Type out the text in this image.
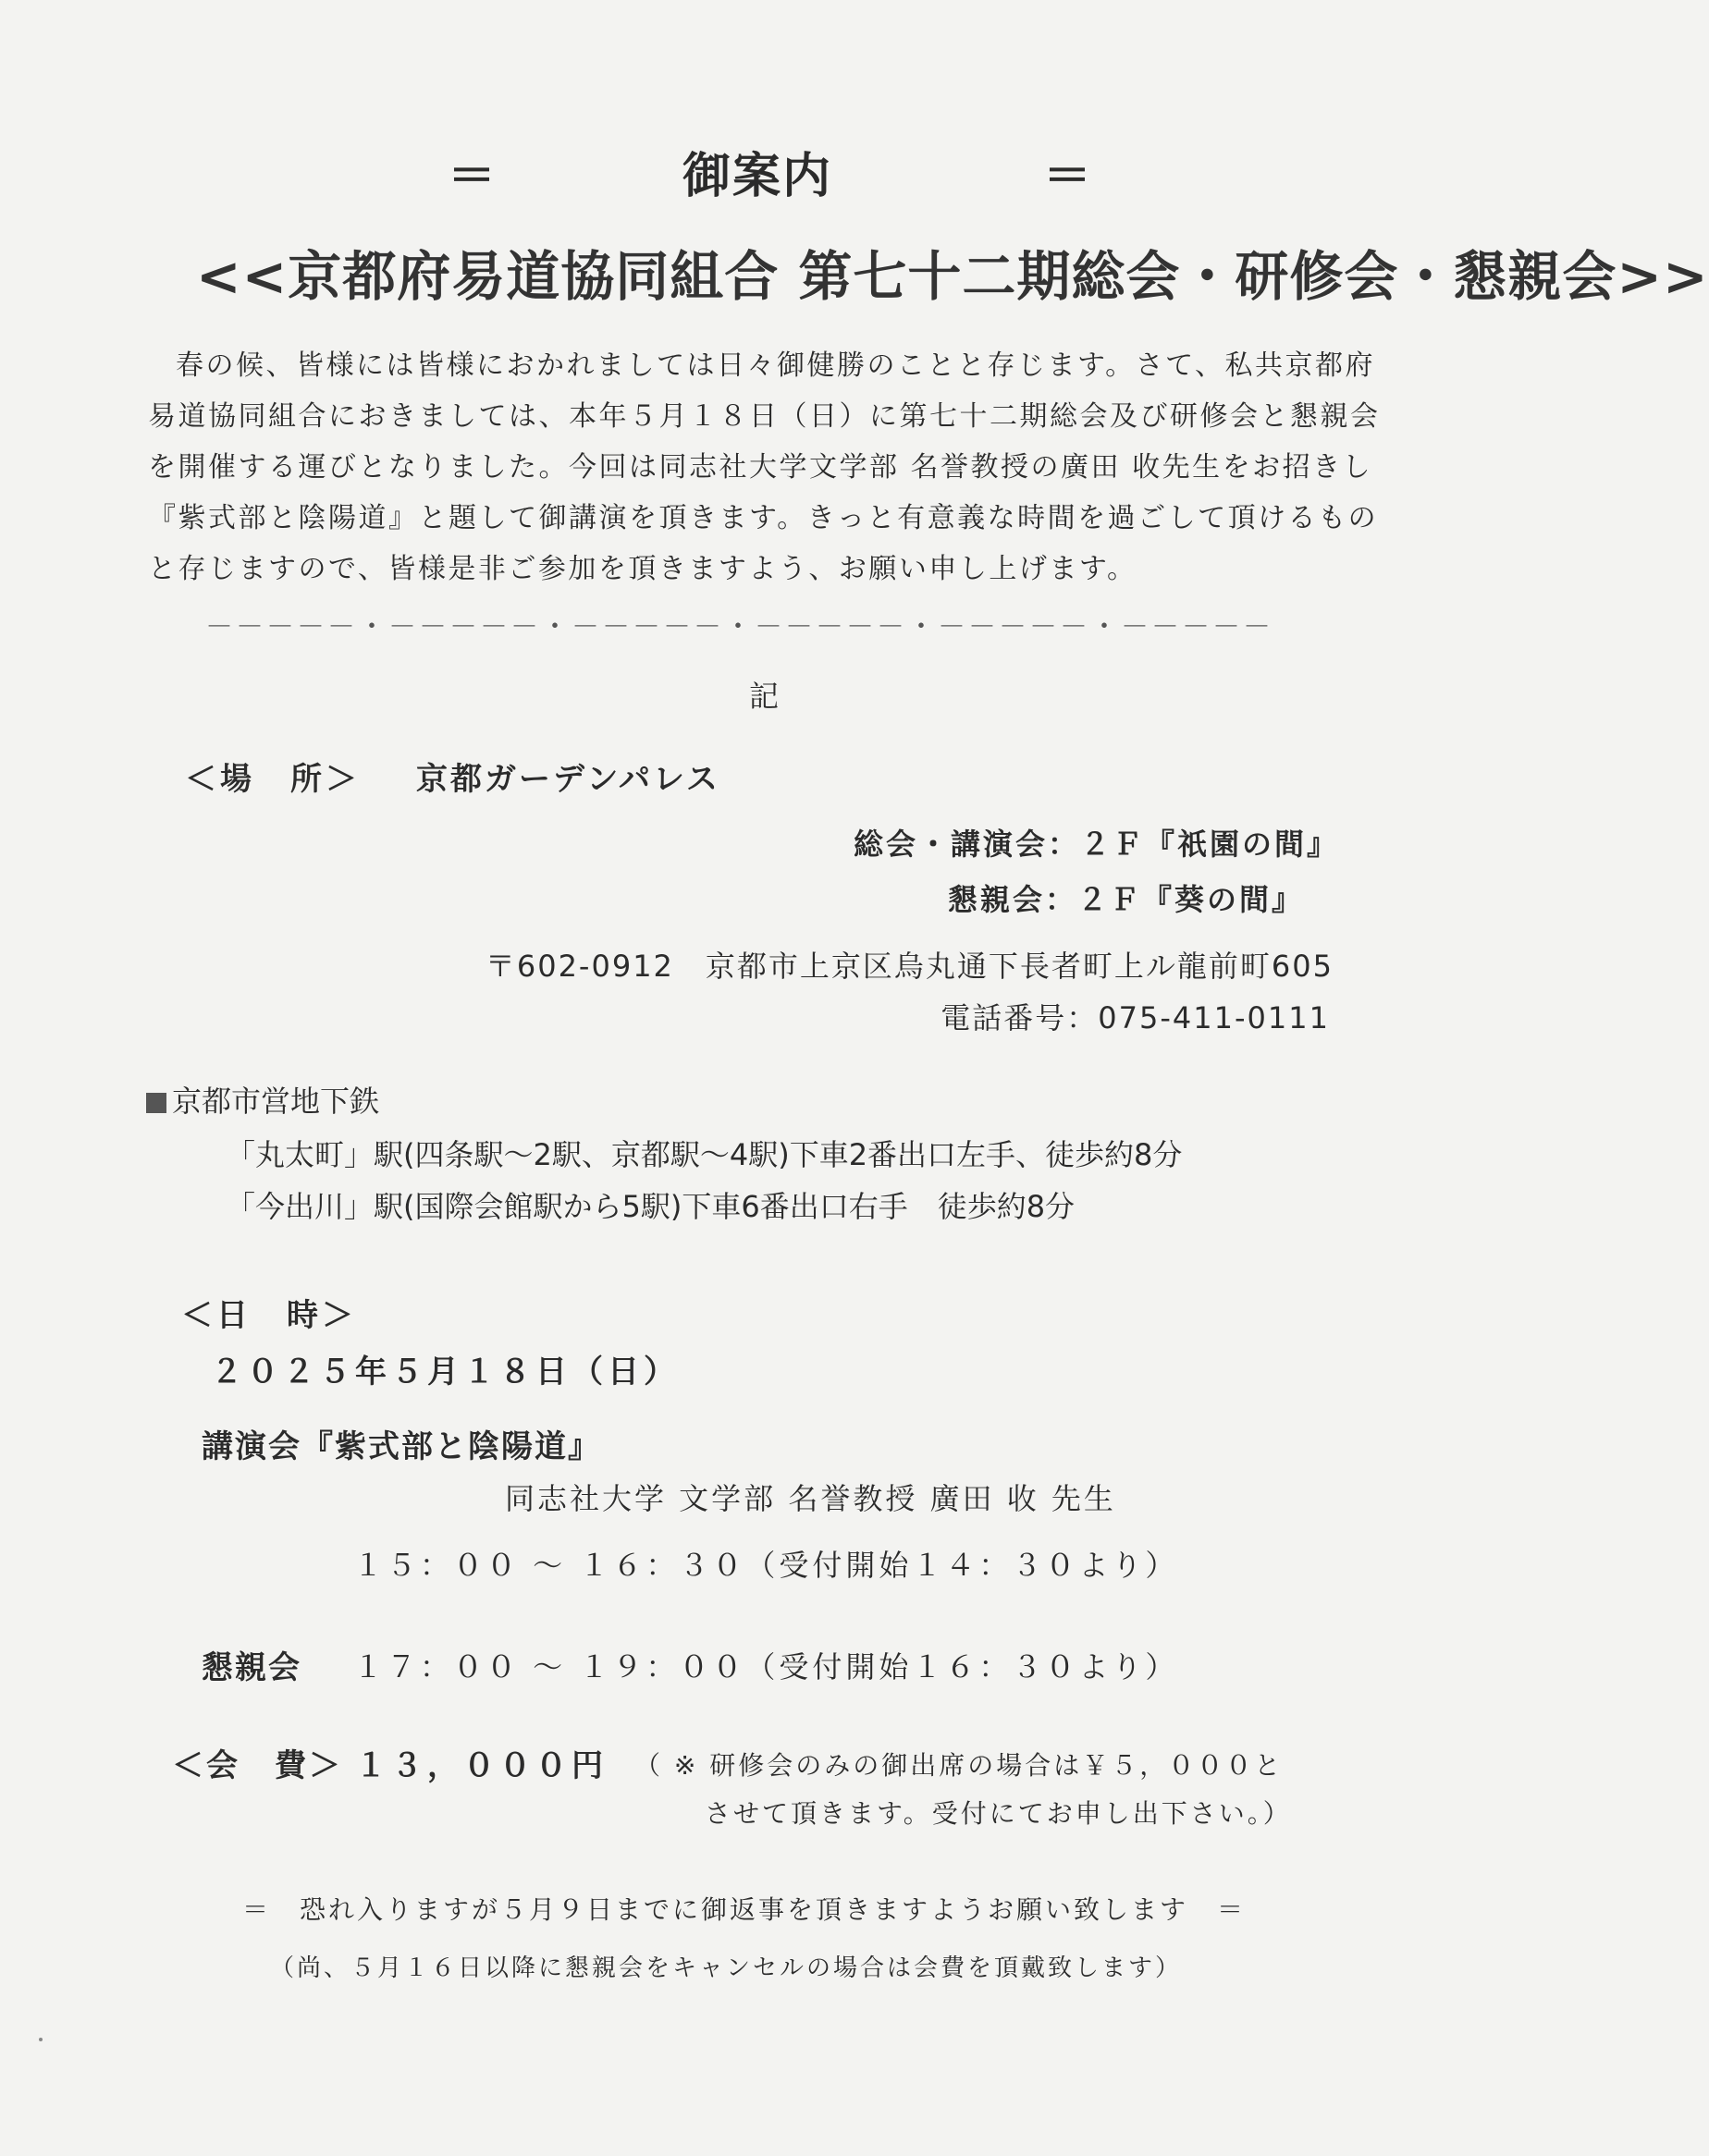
＝	御案内	＝
<<京都府易道協同組合 第七十二期総会・研修会・懇親会>>

春の候、皆様には皆様におかれましては日々御健勝のことと存じます。さて、私共京都府易道協同組合におきましては、本年５月１８日（日）に第七十二期総会及び研修会と懇親会を開催する運びとなりました。今回は同志社大学文学部 名誉教授の廣田 收先生をお招きし『紫式部と陰陽道』と題して御講演を頂きます。きっと有意義な時間を過ごして頂けるものと存じますので、皆様是非ご参加を頂きますよう、お願い申し上げます。

－－－－－・－－－－－・－－－－－・－－－－－・－－－－－・－－－－－
記
＜場　所＞ 京都ガーデンパレス
総会・講演会：２Ｆ『祇園の間』
懇親会：２Ｆ『葵の間』
〒602-0912　京都市上京区烏丸通下長者町上ル龍前町605
電話番号：075-411-0111
京都市営地下鉄
「丸太町」駅(四条駅～2駅、京都駅～4駅)下車2番出口左手、徒歩約8分
「今出川」駅(国際会館駅から5駅)下車6番出口右手　徒歩約8分
＜日　時＞
２０２５年５月１８日（日）
講演会『紫式部と陰陽道』
同志社大学 文学部 名誉教授 廣田 收 先生
１５：００ ～ １６：３０（受付開始１４：３０より）
懇親会 １７：００ ～ １９：００（受付開始１６：３０より）
＜会　費＞ １３，０００円 （ ※ 研修会のみの御出席の場合は￥５，０００と
させて頂きます。受付にてお申し出下さい。）
＝　恐れ入りますが５月９日までに御返事を頂きますようお願い致します　＝
（尚、５月１６日以降に懇親会をキャンセルの場合は会費を頂戴致します）
